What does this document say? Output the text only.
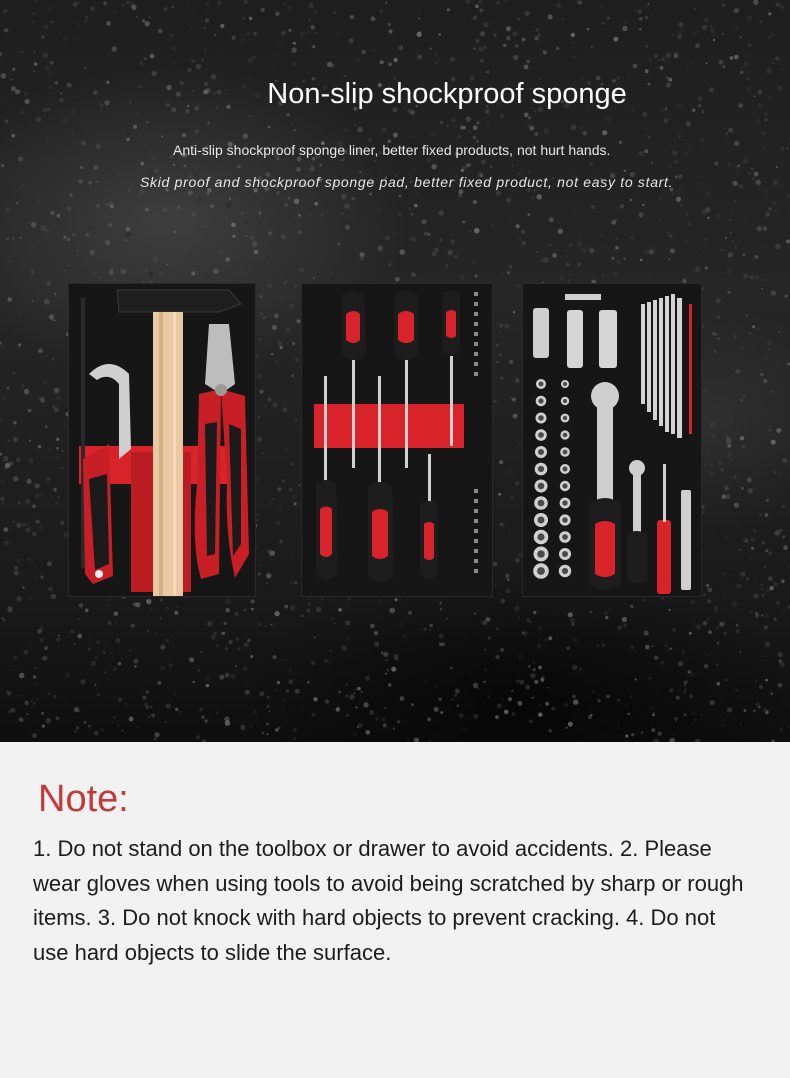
Non-slip shockproof sponge
Anti-slip shockproof sponge liner, better fixed products, not hurt hands.
Skid proof and shockproof sponge pad, better fixed product, not easy to start.
Note:
1. Do not stand on the toolbox or drawer to avoid accidents. 2. Please wear gloves when using tools to avoid being scratched by sharp or rough items. 3. Do not knock with hard objects to prevent cracking. 4. Do not use hard objects to slide the surface.
